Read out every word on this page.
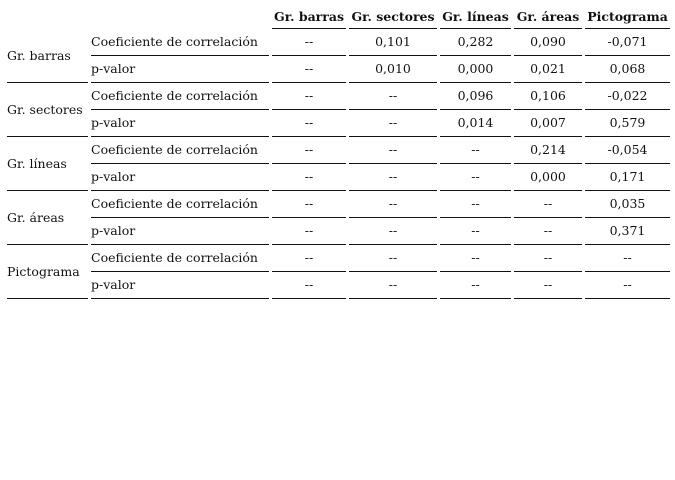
		Gr. barras	Gr. sectores	Gr. líneas	Gr. áreas	Pictograma
Gr. barras	Coeficiente de correlación	--	0,101	0,282	0,090	-0,071
	p-valor	--	0,010	0,000	0,021	0,068
Gr. sectores	Coeficiente de correlación	--	--	0,096	0,106	-0,022
	p-valor	--	--	0,014	0,007	0,579
Gr. líneas	Coeficiente de correlación	--	--	--	0,214	-0,054
	p-valor	--	--	--	0,000	0,171
Gr. áreas	Coeficiente de correlación	--	--	--	--	0,035
	p-valor	--	--	--	--	0,371
Pictograma	Coeficiente de correlación	--	--	--	--	--
	p-valor	--	--	--	--	--
